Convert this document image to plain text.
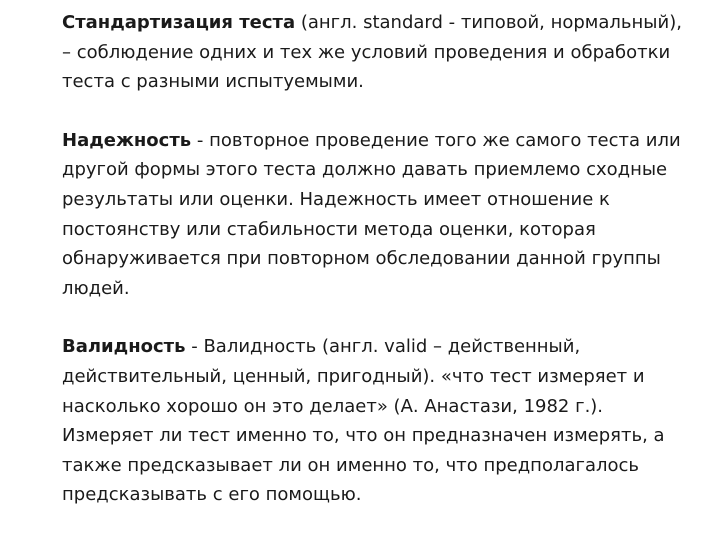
Стандартизация теста (англ. standard - типовой, нормальный), – соблюдение одних и тех же условий проведения и обработки теста с разными испытуемыми.

Надежность - повторное проведение того же самого теста или другой формы этого теста должно давать приемлемо сходные результаты или оценки. Надежность имеет отношение к постоянству или стабильности метода оценки, которая обнаруживается при повторном обследовании данной группы людей.

Валидность - Валидность (англ. valid – действенный, действительный, ценный, пригодный). «что тест измеряет и насколько хорошо он это делает» (А. Анастази, 1982 г.). Измеряет ли тест именно то, что он предназначен измерять, а также предсказывает ли он именно то, что предполагалось предсказывать с его помощью.
